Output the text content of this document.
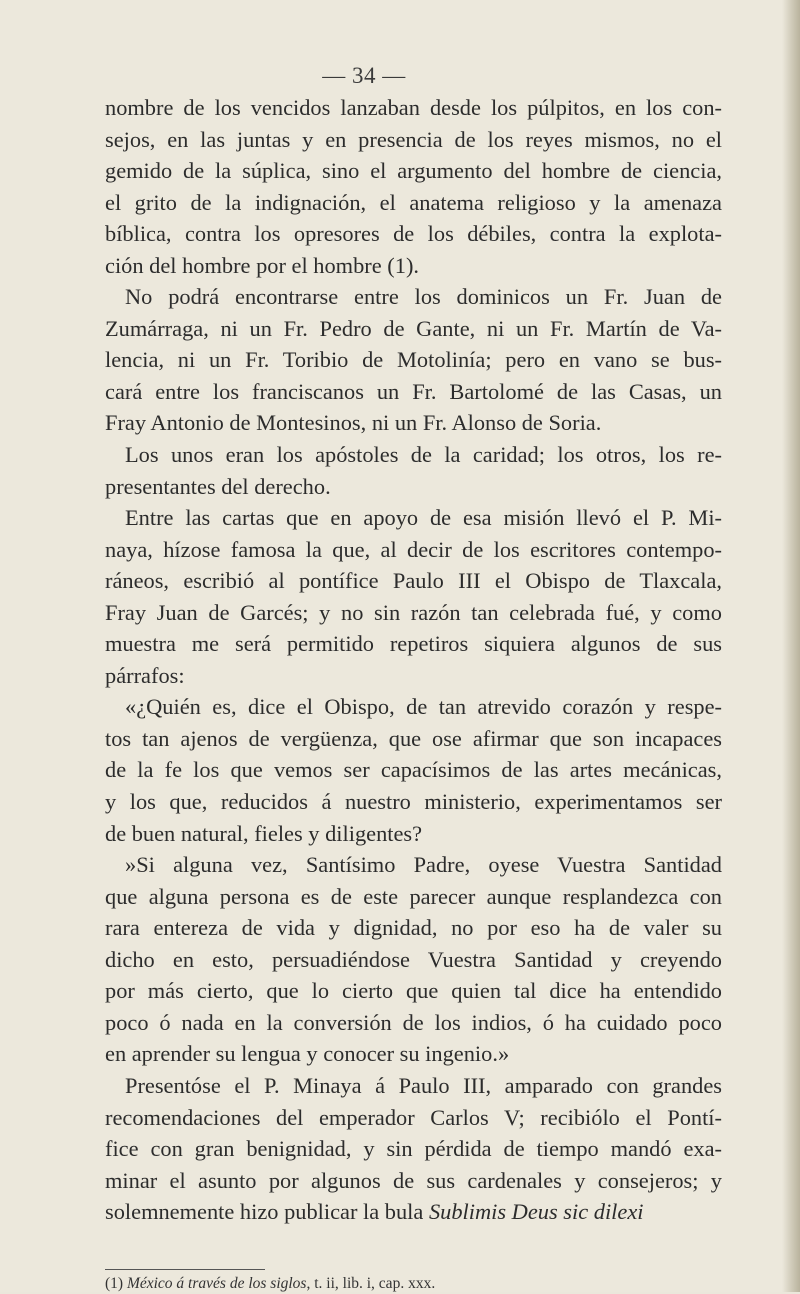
— 34 —
nombre de los vencidos lanzaban desde los púlpitos, en los con-
sejos, en las juntas y en presencia de los reyes mismos, no el
gemido de la súplica, sino el argumento del hombre de ciencia,
el grito de la indignación, el anatema religioso y la amenaza
bíblica, contra los opresores de los débiles, contra la explota-
ción del hombre por el hombre (1).
No podrá encontrarse entre los dominicos un Fr. Juan de
Zumárraga, ni un Fr. Pedro de Gante, ni un Fr. Martín de Va-
lencia, ni un Fr. Toribio de Motolinía; pero en vano se bus-
cará entre los franciscanos un Fr. Bartolomé de las Casas, un
Fray Antonio de Montesinos, ni un Fr. Alonso de Soria.
Los unos eran los apóstoles de la caridad; los otros, los re-
presentantes del derecho.
Entre las cartas que en apoyo de esa misión llevó el P. Mi-
naya, hízose famosa la que, al decir de los escritores contempo-
ráneos, escribió al pontífice Paulo III el Obispo de Tlaxcala,
Fray Juan de Garcés; y no sin razón tan celebrada fué, y como
muestra me será permitido repetiros siquiera algunos de sus
párrafos:
«¿Quién es, dice el Obispo, de tan atrevido corazón y respe-
tos tan ajenos de vergüenza, que ose afirmar que son incapaces
de la fe los que vemos ser capacísimos de las artes mecánicas,
y los que, reducidos á nuestro ministerio, experimentamos ser
de buen natural, fieles y diligentes?
»Si alguna vez, Santísimo Padre, oyese Vuestra Santidad
que alguna persona es de este parecer aunque resplandezca con
rara entereza de vida y dignidad, no por eso ha de valer su
dicho en esto, persuadiéndose Vuestra Santidad y creyendo
por más cierto, que lo cierto que quien tal dice ha entendido
poco ó nada en la conversión de los indios, ó ha cuidado poco
en aprender su lengua y conocer su ingenio.»
Presentóse el P. Minaya á Paulo III, amparado con grandes
recomendaciones del emperador Carlos V; recibiólo el Pontí-
fice con gran benignidad, y sin pérdida de tiempo mandó exa-
minar el asunto por algunos de sus cardenales y consejeros; y
solemnemente hizo publicar la bula Sublimis Deus sic dilexi
(1) México á través de los siglos, t. ii, lib. i, cap. xxx.
